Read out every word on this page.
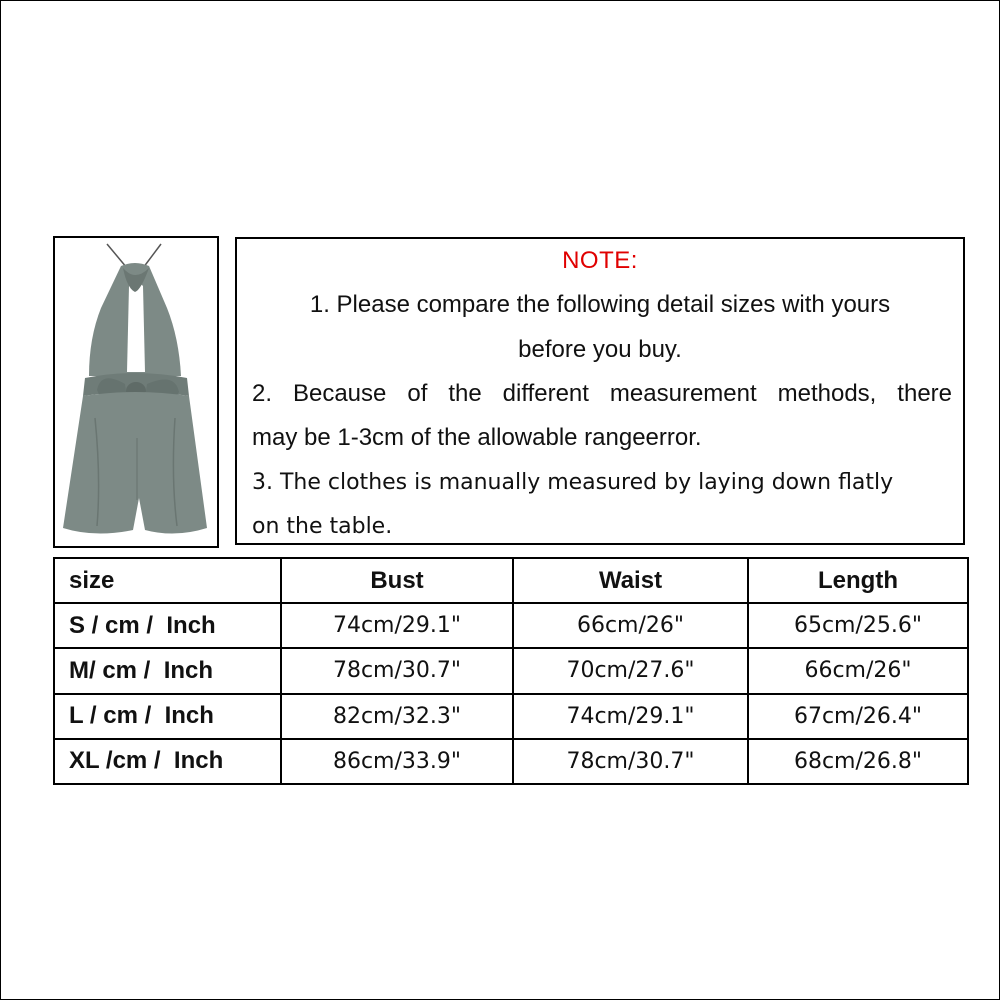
NOTE:
1. Please compare the following detail sizes with yours
before you buy.
2. Because of the different measurement methods, there
may be 1-3cm of the allowable rangeerror.
3. The clothes is manually measured by laying down flatly
on the table.
size	Bust	Waist	Length
S / cm /  Inch	74cm/29.1"	66cm/26"	65cm/25.6"
M/ cm /  Inch	78cm/30.7"	70cm/27.6"	66cm/26"
L / cm /  Inch	82cm/32.3"	74cm/29.1"	67cm/26.4"
XL /cm /  Inch	86cm/33.9"	78cm/30.7"	68cm/26.8"
